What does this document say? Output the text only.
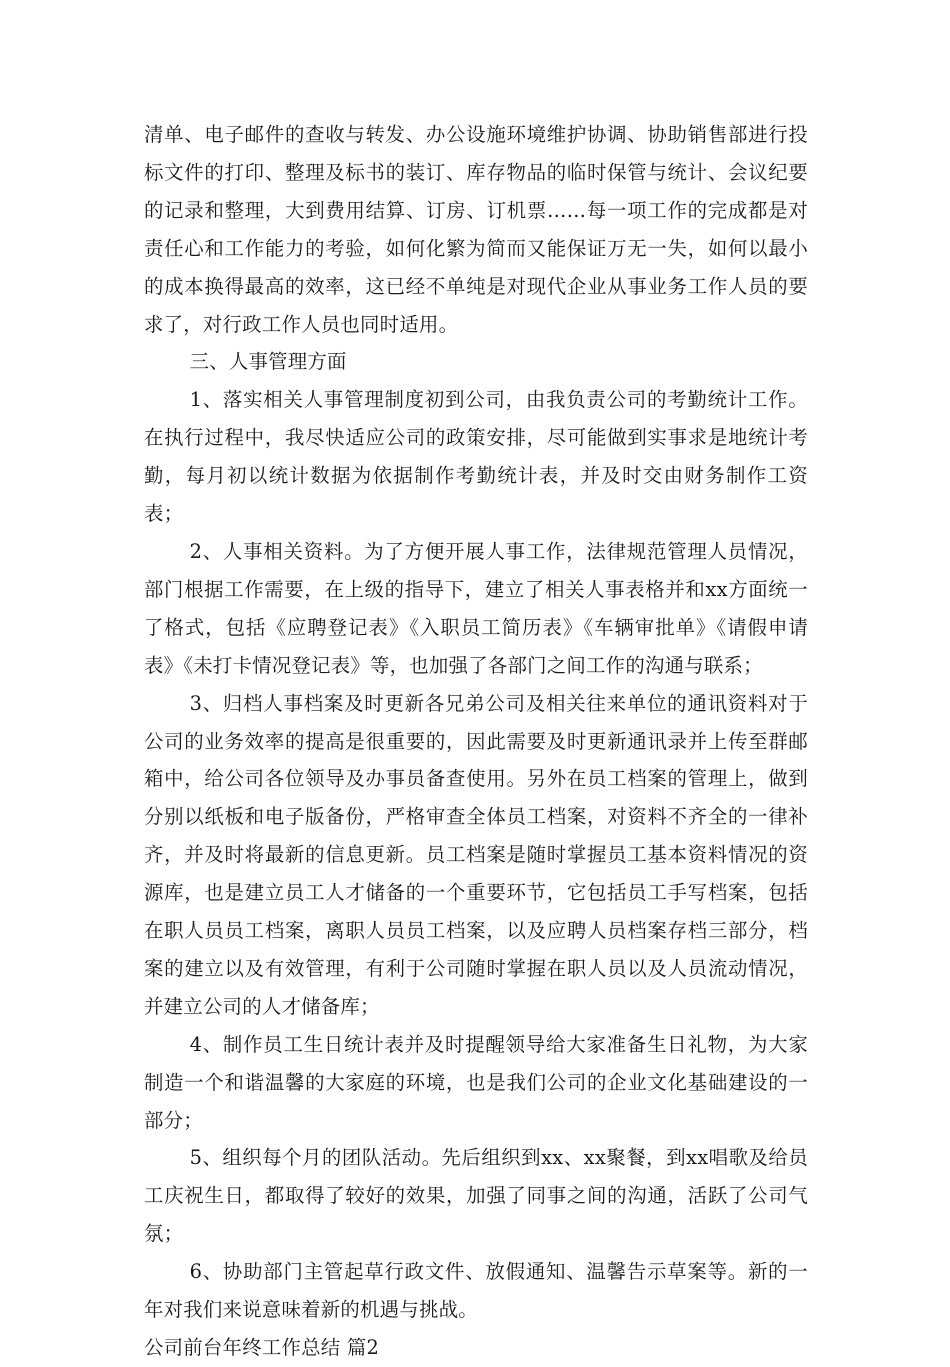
清单、电子邮件的查收与转发、办公设施环境维护协调、协助销售部进行投标文件的打印、整理及标书的装订、库存物品的临时保管与统计、会议纪要的记录和整理，大到费用结算、订房、订机票……每一项工作的完成都是对责任心和工作能力的考验，如何化繁为简而又能保证万无一失，如何以最小的成本换得最高的效率，这已经不单纯是对现代企业从事业务工作人员的要求了，对行政工作人员也同时适用。

三、人事管理方面

1、落实相关人事管理制度初到公司，由我负责公司的考勤统计工作。在执行过程中，我尽快适应公司的政策安排，尽可能做到实事求是地统计考勤，每月初以统计数据为依据制作考勤统计表，并及时交由财务制作工资表；

2、人事相关资料。为了方便开展人事工作，法律规范管理人员情况，部门根据工作需要，在上级的指导下，建立了相关人事表格并和xx方面统一了格式，包括《应聘登记表》《入职员工简历表》《车辆审批单》《请假申请表》《未打卡情况登记表》等，也加强了各部门之间工作的沟通与联系；

3、归档人事档案及时更新各兄弟公司及相关往来单位的通讯资料对于公司的业务效率的提高是很重要的，因此需要及时更新通讯录并上传至群邮箱中，给公司各位领导及办事员备查使用。另外在员工档案的管理上，做到分别以纸板和电子版备份，严格审查全体员工档案，对资料不齐全的一律补齐，并及时将最新的信息更新。员工档案是随时掌握员工基本资料情况的资源库，也是建立员工人才储备的一个重要环节，它包括员工手写档案，包括在职人员员工档案，离职人员员工档案，以及应聘人员档案存档三部分，档案的建立以及有效管理，有利于公司随时掌握在职人员以及人员流动情况，并建立公司的人才储备库；

4、制作员工生日统计表并及时提醒领导给大家准备生日礼物，为大家制造一个和谐温馨的大家庭的环境，也是我们公司的企业文化基础建设的一部分；

5、组织每个月的团队活动。先后组织到xx、xx聚餐，到xx唱歌及给员工庆祝生日，都取得了较好的效果，加强了同事之间的沟通，活跃了公司气氛；

6、协助部门主管起草行政文件、放假通知、温馨告示草案等。新的一年对我们来说意味着新的机遇与挑战。

公司前台年终工作总结 篇2
